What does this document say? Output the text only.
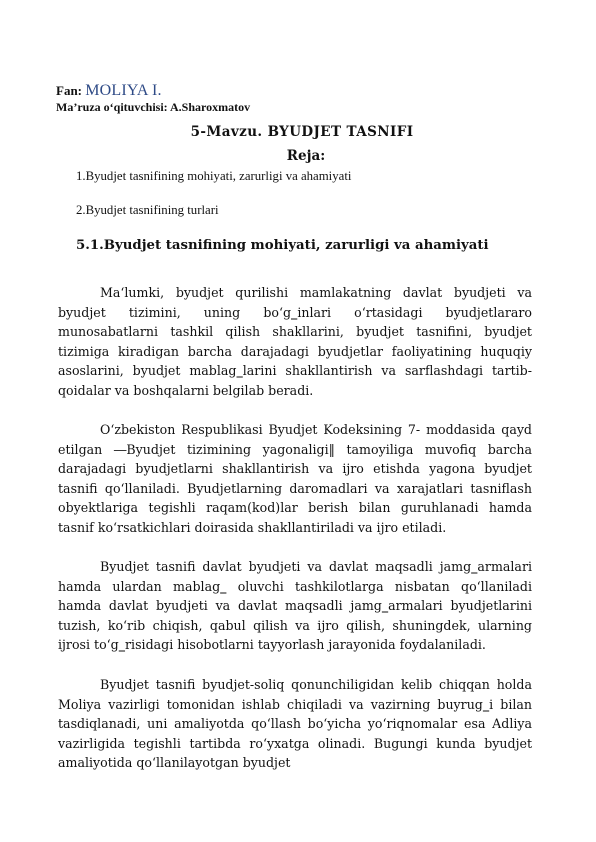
Fan: MOLIYA I.
Ma’ruza o‘qituvchisi: A.Sharoxmatov
5-Mavzu. BYUDJET TASNIFI
Reja:
1.Byudjet tasnifining mohiyati, zarurligi va ahamiyati
2.Byudjet tasnifining turlari
5.1.Byudjet tasnifining mohiyati, zarurligi va ahamiyati

Ma‘lumki, byudjet qurilishi mamlakatning davlat byudjeti va byudjet tizimini, uning bo‘g‗inlari o‘rtasidagi byudjetlararo munosabatlarni tashkil qilish shakllarini, byudjet tasnifini, byudjet tizimiga kiradigan barcha darajadagi byudjetlar faoliyatining huquqiy asoslarini, byudjet mablag‗larini shakllantirish va sarflashdagi tartib-qoidalar va boshqalarni belgilab beradi.

O‘zbekiston Respublikasi Byudjet Kodeksining 7- moddasida qayd etilgan ―Byudjet tizimining yagonaligi‖ tamoyiliga muvofiq barcha darajadagi byudjetlarni shakllantirish va ijro etishda yagona byudjet tasnifi qo‘llaniladi. Byudjetlarning daromadlari va xarajatlari tasniflash obyektlariga tegishli raqam(kod)lar berish bilan guruhlanadi hamda tasnif ko‘rsatkichlari doirasida shakllantiriladi va ijro etiladi.

Byudjet tasnifi davlat byudjeti va davlat maqsadli jamg‗armalari hamda ulardan mablag‗ oluvchi tashkilotlarga nisbatan qo‘llaniladi hamda davlat byudjeti va davlat maqsadli jamg‗armalari byudjetlarini tuzish, ko‘rib chiqish, qabul qilish va ijro qilish, shuningdek, ularning ijrosi to‘g‗risidagi hisobotlarni tayyorlash jarayonida foydalaniladi.

Byudjet tasnifi byudjet-soliq qonunchiligidan kelib chiqqan holda Moliya vazirligi tomonidan ishlab chiqiladi va vazirning buyrug‗i bilan tasdiqlanadi, uni amaliyotda qo‘llash bo‘yicha yo‘riqnomalar esa Adliya vazirligida tegishli tartibda ro‘yxatga olinadi. Bugungi kunda byudjet amaliyotida qo‘llanilayotgan byudjet
